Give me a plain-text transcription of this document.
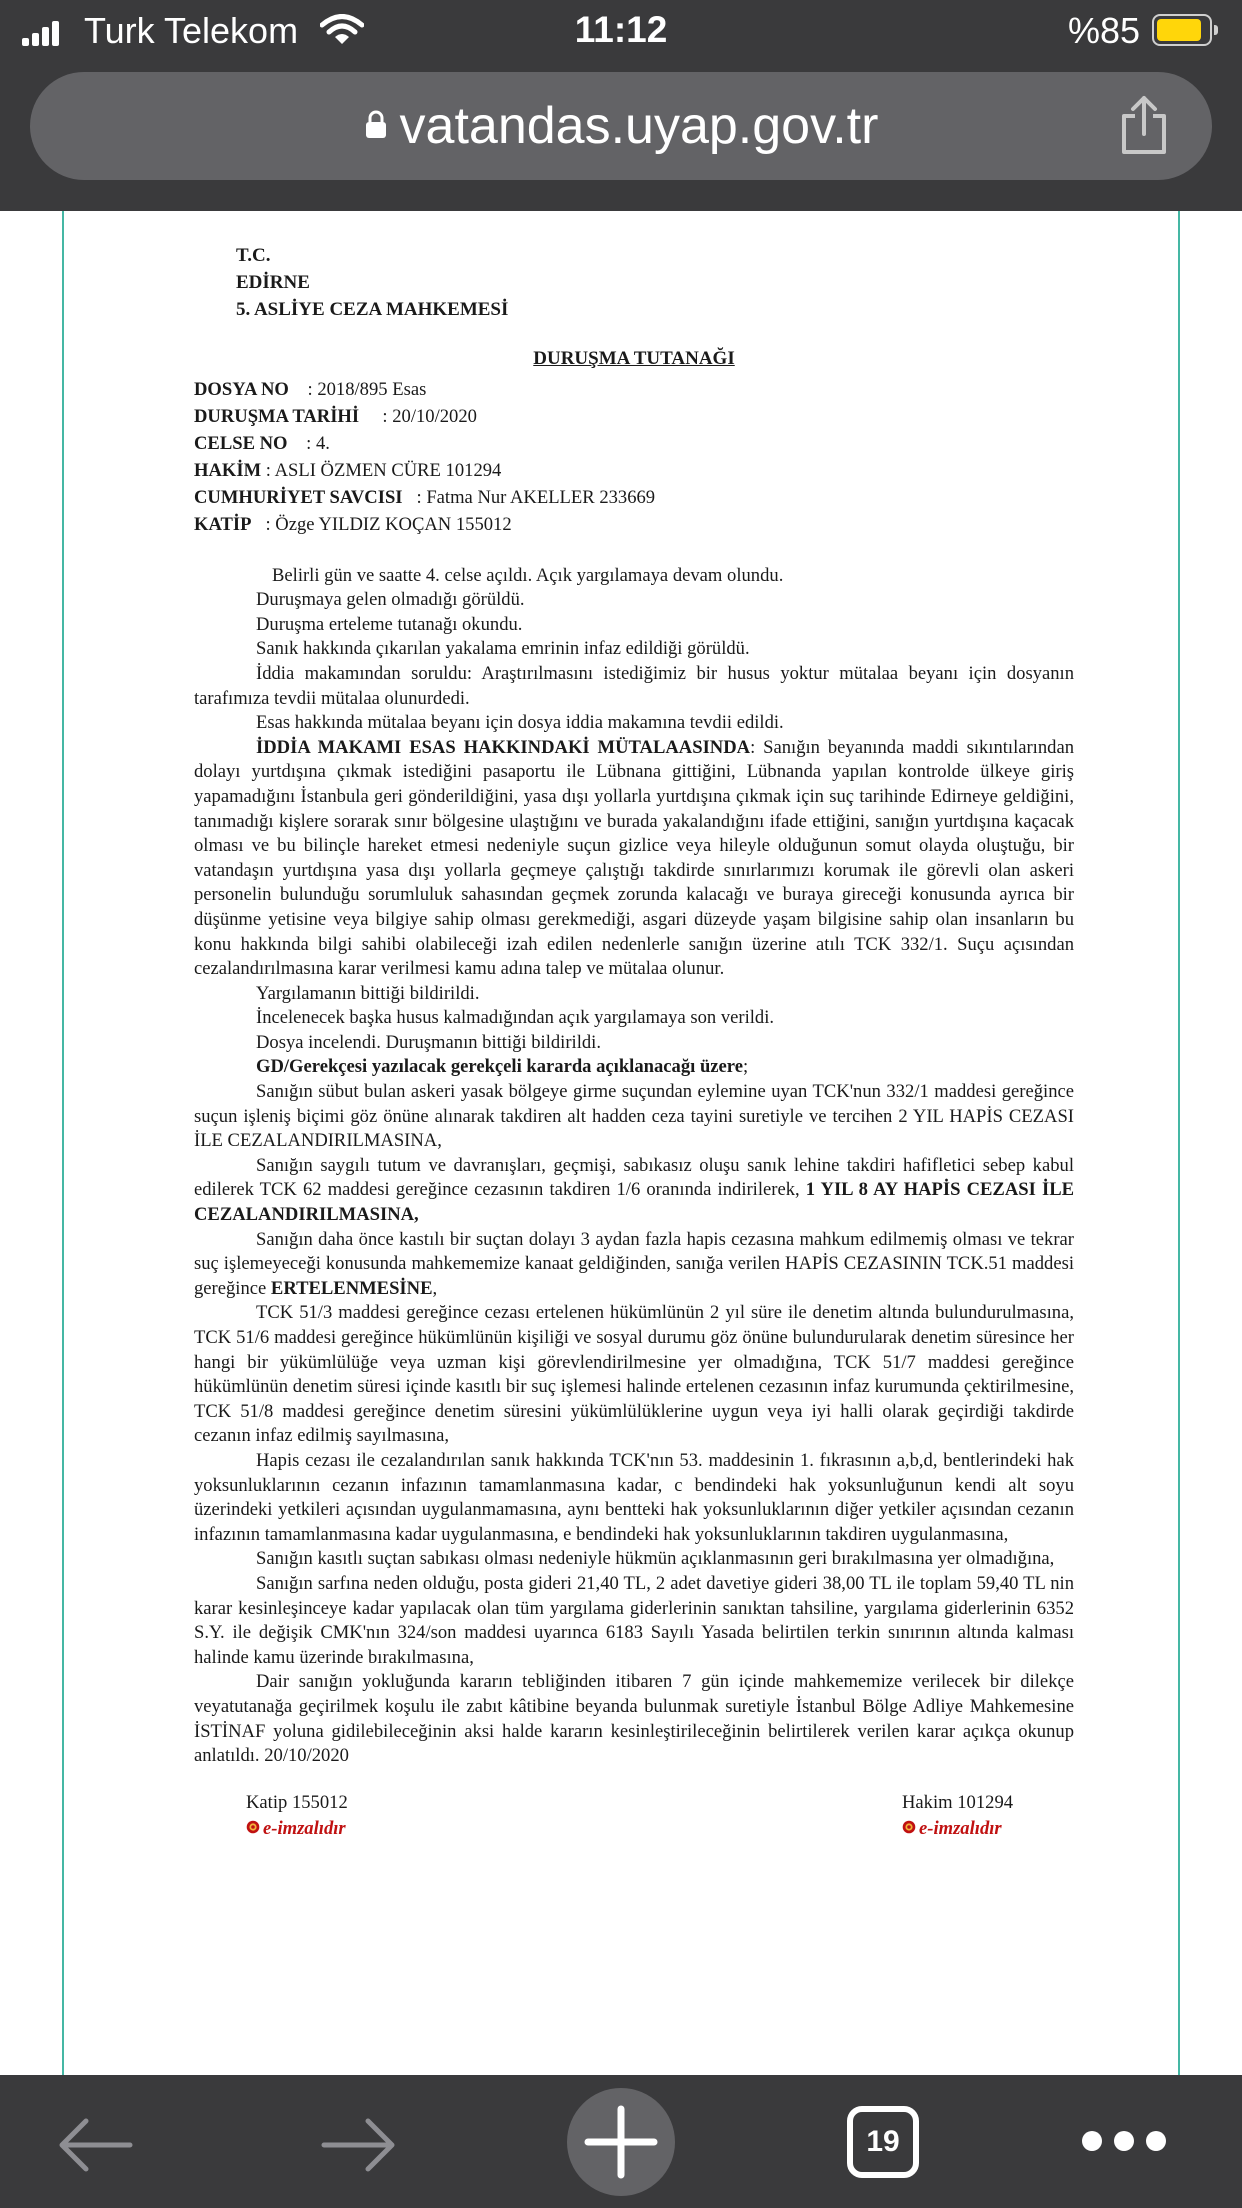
Turk Telekom	11:12	%85
vatandas.uyap.gov.tr
T.C.
EDİRNE
5. ASLİYE CEZA MAHKEMESİ
DURUŞMA TUTANAĞI
DOSYA NO : 2018/895 Esas
DURUŞMA TARİHİ : 20/10/2020
CELSE NO : 4.
HAKİM : ASLI ÖZMEN CÜRE 101294
CUMHURİYET SAVCISI : Fatma Nur AKELLER 233669
KATİP : Özge YILDIZ KOÇAN 155012

Belirli gün ve saatte 4. celse açıldı. Açık yargılamaya devam olundu.

Duruşmaya gelen olmadığı görüldü.

Duruşma erteleme tutanağı okundu.

Sanık hakkında çıkarılan yakalama emrinin infaz edildiği görüldü.

İddia makamından soruldu: Araştırılmasını istediğimiz bir husus yoktur mütalaa beyanı için dosyanın tarafımıza tevdii mütalaa olunurdedi.

Esas hakkında mütalaa beyanı için dosya iddia makamına tevdii edildi.

İDDİA MAKAMI ESAS HAKKINDAKİ MÜTALAASINDA: Sanığın beyanında maddi sıkıntılarından dolayı yurtdışına çıkmak istediğini pasaportu ile Lübnana gittiğini, Lübnanda yapılan kontrolde ülkeye giriş yapamadığını İstanbula geri gönderildiğini, yasa dışı yollarla yurtdışına çıkmak için suç tarihinde Edirneye geldiğini, tanımadığı kişlere sorarak sınır bölgesine ulaştığını ve burada yakalandığını ifade ettiğini, sanığın yurtdışına kaçacak olması ve bu bilinçle hareket etmesi nedeniyle suçun gizlice veya hileyle olduğunun somut olayda oluştuğu, bir vatandaşın yurtdışına yasa dışı yollarla geçmeye çalıştığı takdirde sınırlarımızı korumak ile görevli olan askeri personelin bulunduğu sorumluluk sahasından geçmek zorunda kalacağı ve buraya gireceği konusunda ayrıca bir düşünme yetisine veya bilgiye sahip olması gerekmediği, asgari düzeyde yaşam bilgisine sahip olan insanların bu konu hakkında bilgi sahibi olabileceği izah edilen nedenlerle sanığın üzerine atılı TCK 332/1. Suçu açısından cezalandırılmasına karar verilmesi kamu adına talep ve mütalaa olunur.

Yargılamanın bittiği bildirildi.

İncelenecek başka husus kalmadığından açık yargılamaya son verildi.

Dosya incelendi. Duruşmanın bittiği bildirildi.

GD/Gerekçesi yazılacak gerekçeli kararda açıklanacağı üzere;

Sanığın sübut bulan askeri yasak bölgeye girme suçundan eylemine uyan TCK'nun 332/1 maddesi gereğince suçun işleniş biçimi göz önüne alınarak takdiren alt hadden ceza tayini suretiyle ve tercihen 2 YIL HAPİS CEZASI İLE CEZALANDIRILMASINA,

Sanığın saygılı tutum ve davranışları, geçmişi, sabıkasız oluşu sanık lehine takdiri hafifletici sebep kabul edilerek TCK 62 maddesi gereğince cezasının takdiren 1/6 oranında indirilerek, 1 YIL 8 AY HAPİS CEZASI İLE CEZALANDIRILMASINA,

Sanığın daha önce kastılı bir suçtan dolayı 3 aydan fazla hapis cezasına mahkum edilmemiş olması ve tekrar suç işlemeyeceği konusunda mahkememize kanaat geldiğinden, sanığa verilen HAPİS CEZASININ TCK.51 maddesi gereğince ERTELENMESİNE,

TCK 51/3 maddesi gereğince cezası ertelenen hükümlünün 2 yıl süre ile denetim altında bulundurulmasına, TCK 51/6 maddesi gereğince hükümlünün kişiliği ve sosyal durumu göz önüne bulundurularak denetim süresince her hangi bir yükümlülüğe veya uzman kişi görevlendirilmesine yer olmadığına, TCK 51/7 maddesi gereğince hükümlünün denetim süresi içinde kasıtlı bir suç işlemesi halinde ertelenen cezasının infaz kurumunda çektirilmesine, TCK 51/8 maddesi gereğince denetim süresini yükümlülüklerine uygun veya iyi halli olarak geçirdiği takdirde cezanın infaz edilmiş sayılmasına,

Hapis cezası ile cezalandırılan sanık hakkında TCK'nın 53. maddesinin 1. fıkrasının a,b,d, bentlerindeki hak yoksunluklarının cezanın infazının tamamlanmasına kadar, c bendindeki hak yoksunluğunun kendi alt soyu üzerindeki yetkileri açısından uygulanmamasına, aynı bentteki hak yoksunluklarının diğer yetkiler açısından cezanın infazının tamamlanmasına kadar uygulanmasına, e bendindeki hak yoksunluklarının takdiren uygulanmasına,

Sanığın kasıtlı suçtan sabıkası olması nedeniyle hükmün açıklanmasının geri bırakılmasına yer olmadığına,

Sanığın sarfına neden olduğu, posta gideri 21,40 TL, 2 adet davetiye gideri 38,00 TL ile toplam 59,40 TL nin karar kesinleşinceye kadar yapılacak olan tüm yargılama giderlerinin sanıktan tahsiline, yargılama giderlerinin 6352 S.Y. ile değişik CMK'nın 324/son maddesi uyarınca 6183 Sayılı Yasada belirtilen terkin sınırının altında kalması halinde kamu üzerinde bırakılmasına,

Dair sanığın yokluğunda kararın tebliğinden itibaren 7 gün içinde mahkememize verilecek bir dilekçe veyatutanağa geçirilmek koşulu ile zabıt kâtibine beyanda bulunmak suretiyle İstanbul Bölge Adliye Mahkemesine İSTİNAF yoluna gidilebileceğinin aksi halde kararın kesinleştirileceğinin belirtilerek verilen karar açıkça okunup anlatıldı. 20/10/2020

Katip 155012
e-imzalıdır
Hakim 101294
e-imzalıdır
19
